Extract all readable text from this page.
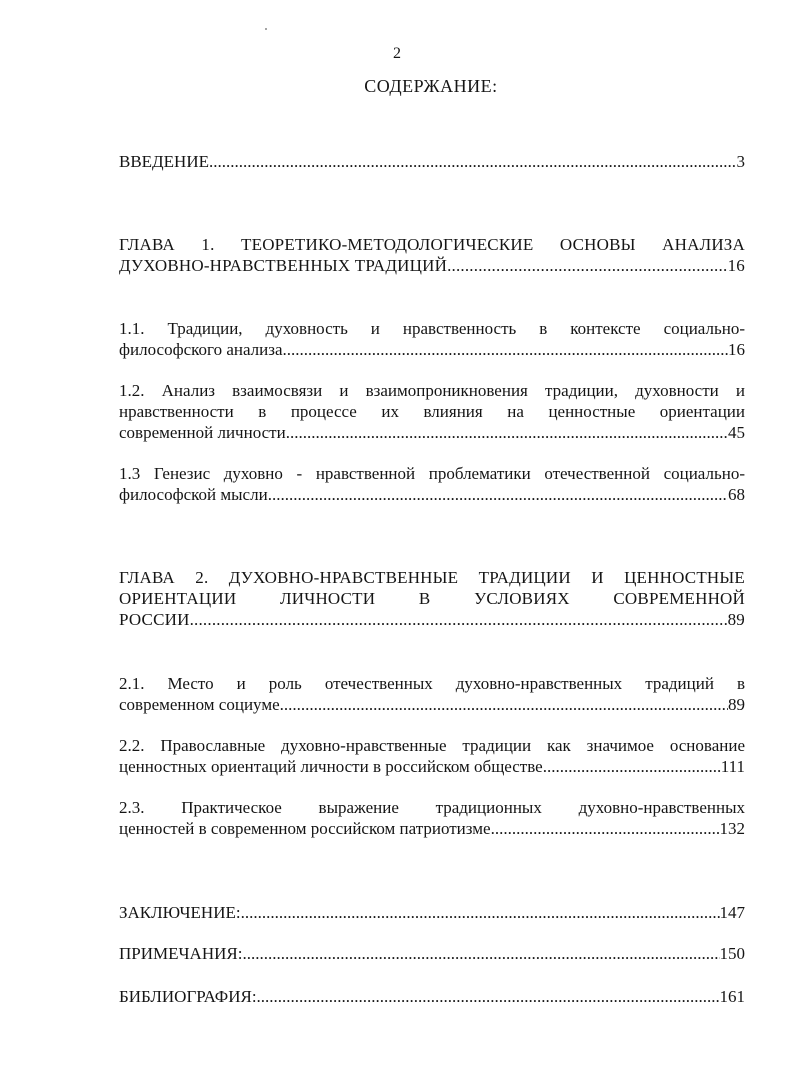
2
СОДЕРЖАНИЕ:
ВВЕДЕНИЕ .....	3
ГЛАВА 1. ТЕОРЕТИКО-МЕТОДОЛОГИЧЕСКИЕ ОСНОВЫ АНАЛИЗА
ДУХОВНО-НРАВСТВЕННЫХ ТРАДИЦИЙ .....	16
1.1. Традиции, духовность и нравственность в контексте социально-
философского анализа .....	16
1.2. Анализ взаимосвязи и взаимопроникновения традиции, духовности и
нравственности в процессе их влияния на ценностные ориентации
современной личности .....	45
1.3 Генезис духовно - нравственной проблематики отечественной социально-
философской мысли .....	68
ГЛАВА 2. ДУХОВНО-НРАВСТВЕННЫЕ ТРАДИЦИИ И ЦЕННОСТНЫЕ
ОРИЕНТАЦИИ ЛИЧНОСТИ В УСЛОВИЯХ СОВРЕМЕННОЙ
РОССИИ .....	89
2.1. Место и роль отечественных духовно-нравственных традиций в
современном социуме .....	89
2.2. Православные духовно-нравственные традиции как значимое основание
ценностных ориентаций личности в российском обществе .....	111
2.3. Практическое выражение традиционных духовно-нравственных
ценностей в современном российском патриотизме .....	132
ЗАКЛЮЧЕНИЕ: .....	147
ПРИМЕЧАНИЯ: .....	150
БИБЛИОГРАФИЯ: .....	161
